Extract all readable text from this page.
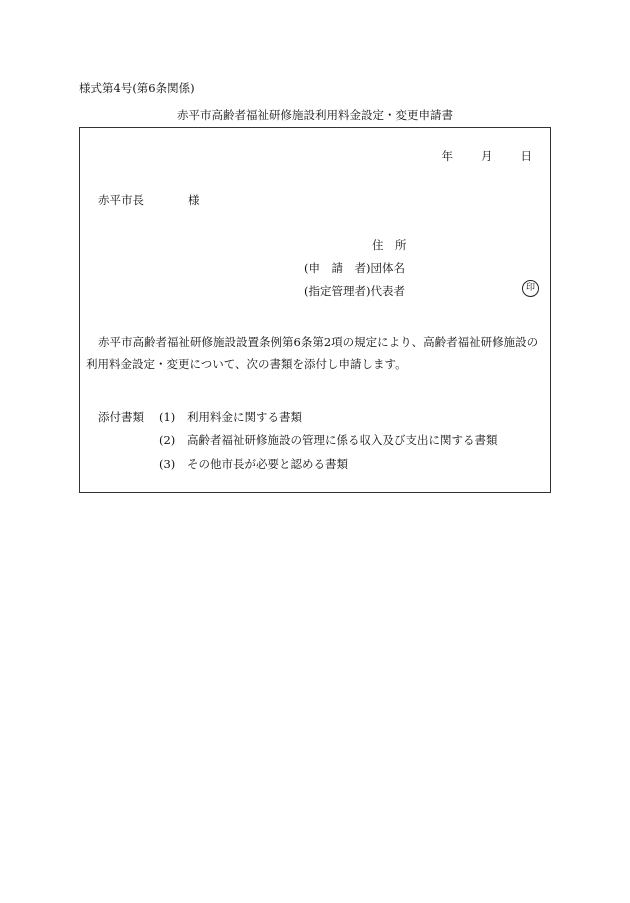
様式第4号(第6条関係)
赤平市高齢者福祉研修施設利用料金設定・変更申請書
年 月 日
赤平市長	様
住　所
(申　請　者)団体名
(指定管理者)代表者	印
赤平市高齢者福祉研修施設設置条例第6条第2項の規定により、高齢者福祉研修施設の利用料金設定・変更について、次の書類を添付し申請します。
添付書類 (1) 利用料金に関する書類
(2) 高齢者福祉研修施設の管理に係る収入及び支出に関する書類
(3) その他市長が必要と認める書類
